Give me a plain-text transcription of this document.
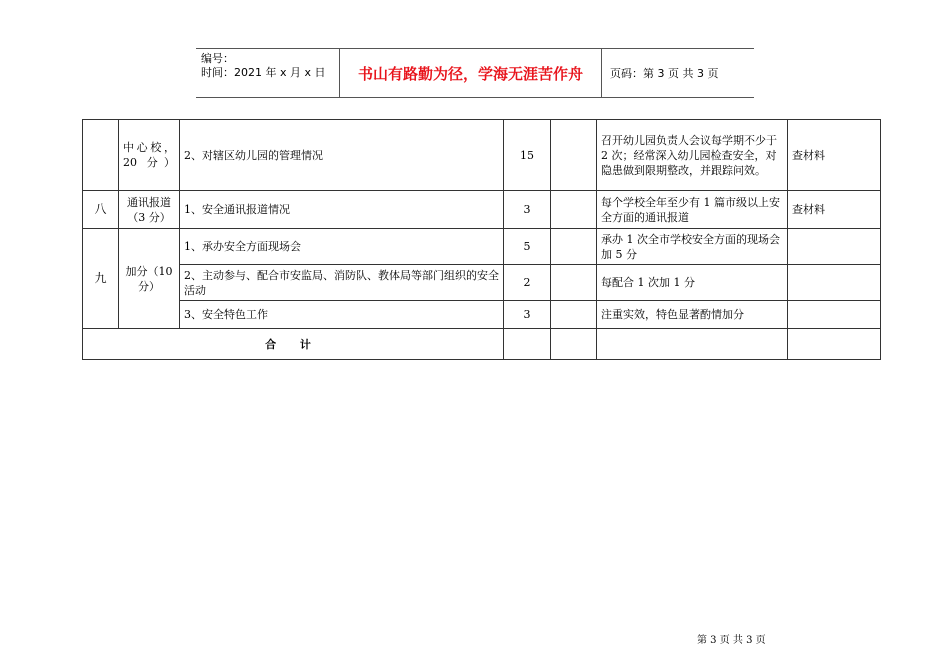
编号：
时间：2021 年 x 月 x 日	书山有路勤为径，学海无涯苦作舟	页码：第 3 页 共 3 页
	中心校，20 分）	2、对辖区幼儿园的管理情况	15		召开幼儿园负责人会议每学期不少于 2 次；经常深入幼儿园检查安全，对隐患做到限期整改，并跟踪问效。	查材料
八	通讯报道（3 分）	1、安全通讯报道情况	3		每个学校全年至少有 1 篇市级以上安全方面的通讯报道	查材料
九	加分（10 分）	1、承办安全方面现场会	5		承办 1 次全市学校安全方面的现场会加 5 分	
		2、主动参与、配合市安监局、消防队、教体局等部门组织的安全活动	2		每配合 1 次加 1 分	
		3、安全特色工作	3		注重实效，特色显著酌情加分	
合 计						
第 3 页 共 3 页
